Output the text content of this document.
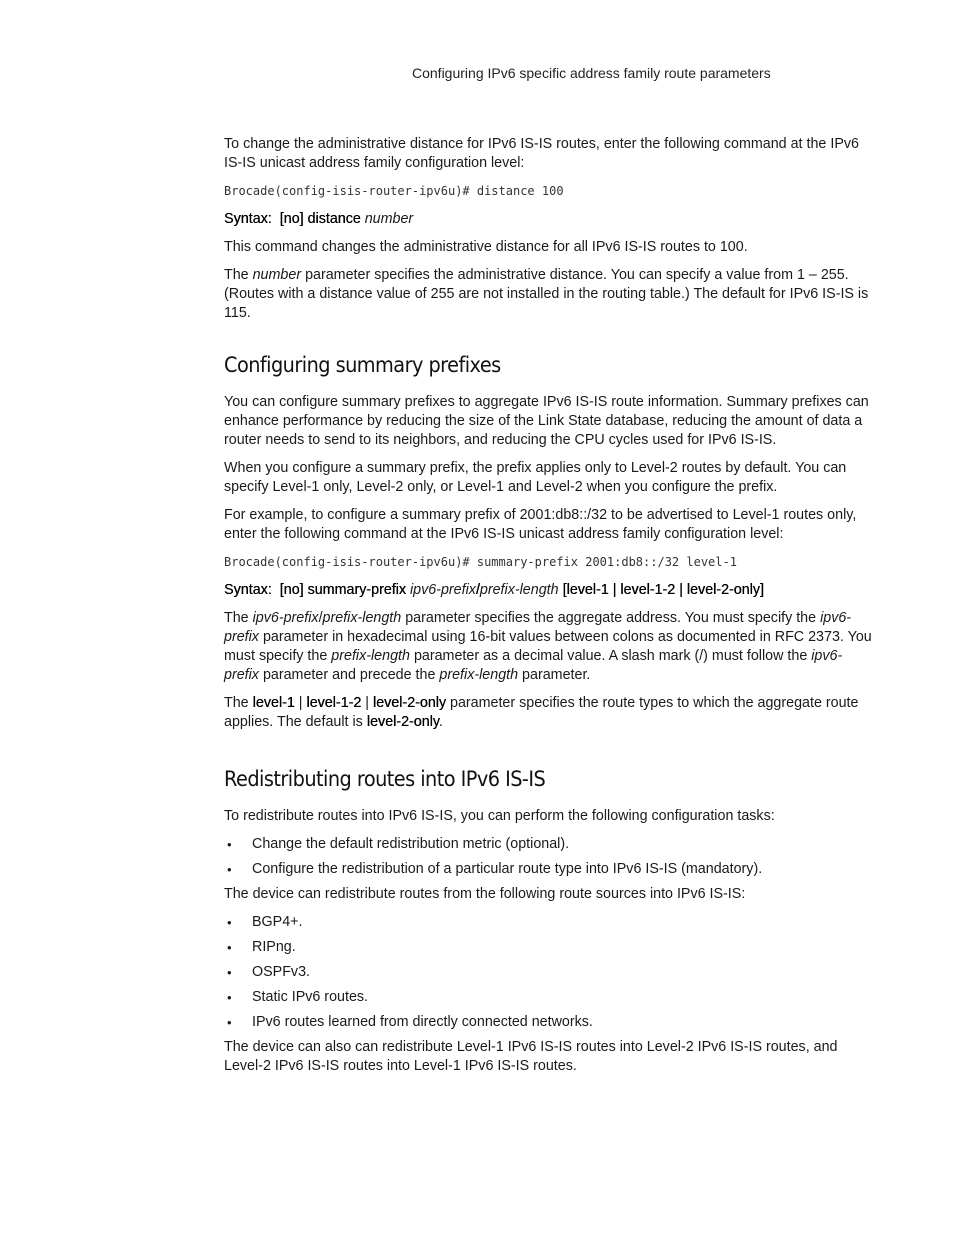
Configuring IPv6 specific address family route parameters

To change the administrative distance for IPv6 IS-IS routes, enter the following command at the IPv6 IS-IS unicast address family configuration level:

Brocade(config-isis-router-ipv6u)# distance 100

Syntax: [no] distance number

This command changes the administrative distance for all IPv6 IS-IS routes to 100.

The number parameter specifies the administrative distance. You can specify a value from 1 – 255. (Routes with a distance value of 255 are not installed in the routing table.) The default for IPv6 IS-IS is 115.

Configuring summary prefixes

You can configure summary prefixes to aggregate IPv6 IS-IS route information. Summary prefixes can enhance performance by reducing the size of the Link State database, reducing the amount of data a router needs to send to its neighbors, and reducing the CPU cycles used for IPv6 IS-IS.

When you configure a summary prefix, the prefix applies only to Level-2 routes by default. You can specify Level-1 only, Level-2 only, or Level-1 and Level-2 when you configure the prefix.

For example, to configure a summary prefix of 2001:db8::/32 to be advertised to Level-1 routes only, enter the following command at the IPv6 IS-IS unicast address family configuration level:

Brocade(config-isis-router-ipv6u)# summary-prefix 2001:db8::/32 level-1

Syntax: [no] summary-prefix ipv6-prefix/prefix-length [level-1 | level-1-2 | level-2-only]

The ipv6-prefix/prefix-length parameter specifies the aggregate address. You must specify the ipv6-prefix parameter in hexadecimal using 16-bit values between colons as documented in RFC 2373. You must specify the prefix-length parameter as a decimal value. A slash mark (/) must follow the ipv6-prefix parameter and precede the prefix-length parameter.

The level-1 | level-1-2 | level-2-only parameter specifies the route types to which the aggregate route applies. The default is level-2-only.

Redistributing routes into IPv6 IS-IS

To redistribute routes into IPv6 IS-IS, you can perform the following configuration tasks:

• Change the default redistribution metric (optional).
• Configure the redistribution of a particular route type into IPv6 IS-IS (mandatory).

The device can redistribute routes from the following route sources into IPv6 IS-IS:

• BGP4+.
• RIPng.
• OSPFv3.
• Static IPv6 routes.
• IPv6 routes learned from directly connected networks.

The device can also can redistribute Level-1 IPv6 IS-IS routes into Level-2 IPv6 IS-IS routes, and Level-2 IPv6 IS-IS routes into Level-1 IPv6 IS-IS routes.
